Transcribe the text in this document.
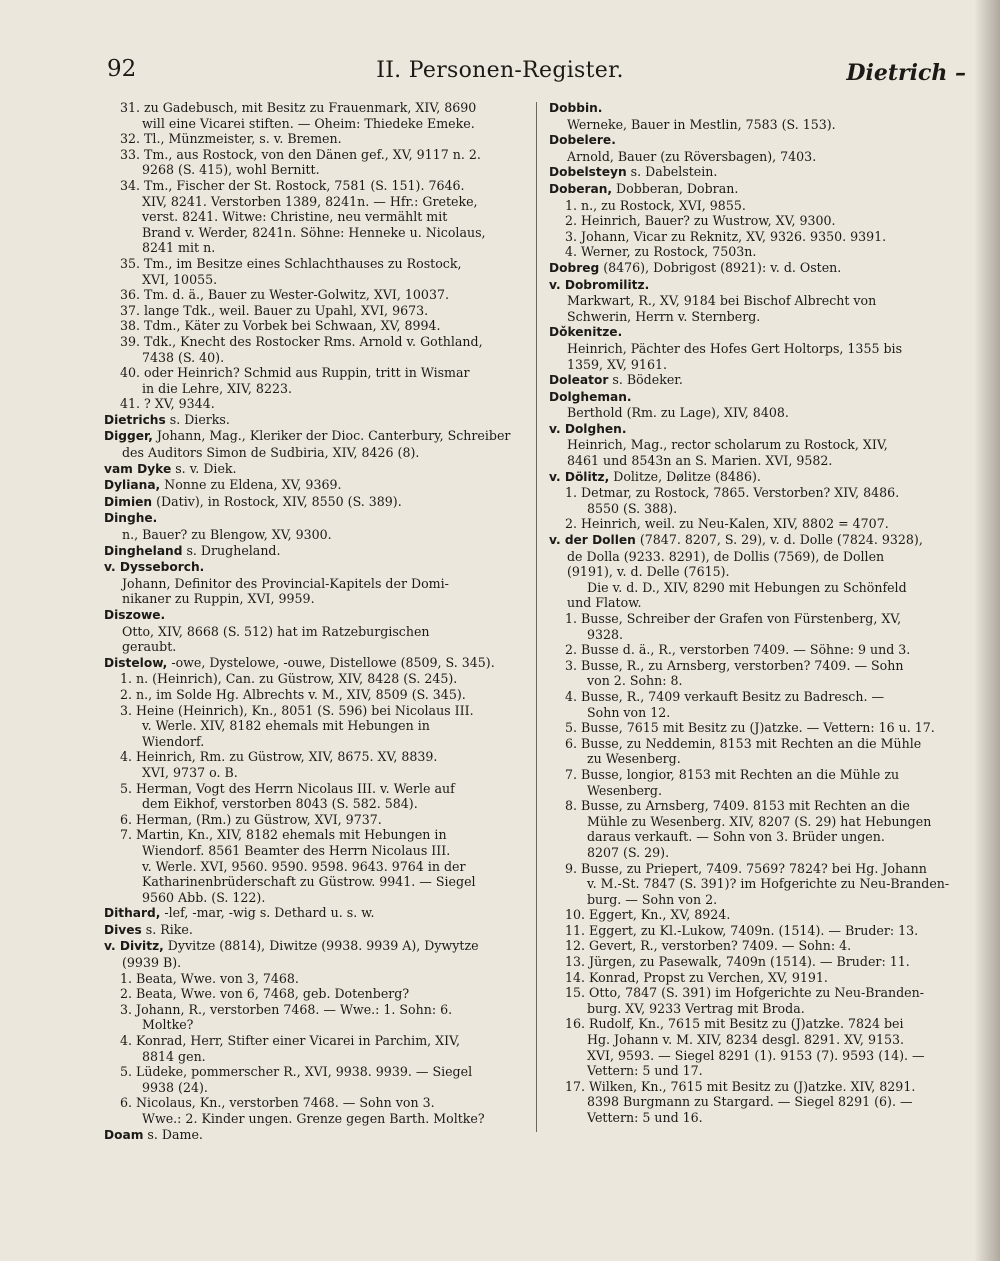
92	II. Personen-Register.	Dietrich –
31. zu Gadebusch, mit Besitz zu Frauenmark, XIV, 8690
will eine Vicarei stiften. — Oheim: Thiedeke Emeke.
32. Tl., Münzmeister, s. v. Bremen.
33. Tm., aus Rostock, von den Dänen gef., XV, 9117 n. 2.
9268 (S. 415), wohl Bernitt.
34. Tm., Fischer der St. Rostock, 7581 (S. 151). 7646.
XIV, 8241. Verstorben 1389, 8241n. — Hfr.: Greteke,
verst. 8241. Witwe: Christine, neu vermählt mit
Brand v. Werder, 8241n. Söhne: Henneke u. Nicolaus,
8241 mit n.
35. Tm., im Besitze eines Schlachthauses zu Rostock,
XVI, 10055.
36. Tm. d. ä., Bauer zu Wester-Golwitz, XVI, 10037.
37. lange Tdk., weil. Bauer zu Upahl, XVI, 9673.
38. Tdm., Käter zu Vorbek bei Schwaan, XV, 8994.
39. Tdk., Knecht des Rostocker Rms. Arnold v. Gothland,
7438 (S. 40).
40. oder Heinrich? Schmid aus Ruppin, tritt in Wismar
in die Lehre, XIV, 8223.
41. ? XV, 9344.
Dietrichs s. Dierks.
Digger, Johann, Mag., Kleriker der Dioc. Canterbury, Schreiber
des Auditors Simon de Sudbiria, XIV, 8426 (8).
vam Dyke s. v. Diek.
Dyliana, Nonne zu Eldena, XV, 9369.
Dimien (Dativ), in Rostock, XIV, 8550 (S. 389).
Dinghe.
n., Bauer? zu Blengow, XV, 9300.
Dingheland s. Drugheland.
v. Dysseborch.
Johann, Definitor des Provincial-Kapitels der Domi-
nikaner zu Ruppin, XVI, 9959.
Diszowe.
Otto, XIV, 8668 (S. 512) hat im Ratzeburgischen
geraubt.
Distelow, -owe, Dystelowe, -ouwe, Distellowe (8509, S. 345).
1. n. (Heinrich), Can. zu Güstrow, XIV, 8428 (S. 245).
2. n., im Solde Hg. Albrechts v. M., XIV, 8509 (S. 345).
3. Heine (Heinrich), Kn., 8051 (S. 596) bei Nicolaus III.
v. Werle. XIV, 8182 ehemals mit Hebungen in
Wiendorf.
4. Heinrich, Rm. zu Güstrow, XIV, 8675. XV, 8839.
XVI, 9737 o. B.
5. Herman, Vogt des Herrn Nicolaus III. v. Werle auf
dem Eikhof, verstorben 8043 (S. 582. 584).
6. Herman, (Rm.) zu Güstrow, XVI, 9737.
7. Martin, Kn., XIV, 8182 ehemals mit Hebungen in
Wiendorf. 8561 Beamter des Herrn Nicolaus III.
v. Werle. XVI, 9560. 9590. 9598. 9643. 9764 in der
Katharinenbrüderschaft zu Güstrow. 9941. — Siegel
9560 Abb. (S. 122).
Dithard, -lef, -mar, -wig s. Dethard u. s. w.
Dives s. Rike.
v. Divitz, Dyvitze (8814), Diwitze (9938. 9939 A), Dywytze
(9939 B).
1. Beata, Wwe. von 3, 7468.
2. Beata, Wwe. von 6, 7468, geb. Dotenberg?
3. Johann, R., verstorben 7468. — Wwe.: 1. Sohn: 6.
Moltke?
4. Konrad, Herr, Stifter einer Vicarei in Parchim, XIV,
8814 gen.
5. Lüdeke, pommerscher R., XVI, 9938. 9939. — Siegel
9938 (24).
6. Nicolaus, Kn., verstorben 7468. — Sohn von 3.
Wwe.: 2. Kinder ungen. Grenze gegen Barth. Moltke?
Doam s. Dame.
Dobbin.
Werneke, Bauer in Mestlin, 7583 (S. 153).
Dobelere.
Arnold, Bauer (zu Röversbagen), 7403.
Dobelsteyn s. Dabelstein.
Doberan, Dobberan, Dobran.
1. n., zu Rostock, XVI, 9855.
2. Heinrich, Bauer? zu Wustrow, XV, 9300.
3. Johann, Vicar zu Reknitz, XV, 9326. 9350. 9391.
4. Werner, zu Rostock, 7503n.
Dobreg (8476), Dobrigost (8921): v. d. Osten.
v. Dobromilitz.
Markwart, R., XV, 9184 bei Bischof Albrecht von
Schwerin, Herrn v. Sternberg.
Dǒkenitze.
Heinrich, Pächter des Hofes Gert Holtorps, 1355 bis
1359, XV, 9161.
Doleator s. Bödeker.
Dolgheman.
Berthold (Rm. zu Lage), XIV, 8408.
v. Dolghen.
Heinrich, Mag., rector scholarum zu Rostock, XIV,
8461 und 8543n an S. Marien. XVI, 9582.
v. Dölitz, Dolitze, Dølitze (8486).
1. Detmar, zu Rostock, 7865. Verstorben? XIV, 8486.
8550 (S. 388).
2. Heinrich, weil. zu Neu-Kalen, XIV, 8802 = 4707.
v. der Dollen (7847. 8207, S. 29), v. d. Dolle (7824. 9328),
de Dolla (9233. 8291), de Dollis (7569), de Dollen
(9191), v. d. Delle (7615).
Die v. d. D., XIV, 8290 mit Hebungen zu Schönfeld
und Flatow.
1. Busse, Schreiber der Grafen von Fürstenberg, XV,
9328.
2. Busse d. ä., R., verstorben 7409. — Söhne: 9 und 3.
3. Busse, R., zu Arnsberg, verstorben? 7409. — Sohn
von 2. Sohn: 8.
4. Busse, R., 7409 verkauft Besitz zu Badresch. —
Sohn von 12.
5. Busse, 7615 mit Besitz zu (J)atzke. — Vettern: 16 u. 17.
6. Busse, zu Neddemin, 8153 mit Rechten an die Mühle
zu Wesenberg.
7. Busse, longior, 8153 mit Rechten an die Mühle zu
Wesenberg.
8. Busse, zu Arnsberg, 7409. 8153 mit Rechten an die
Mühle zu Wesenberg. XIV, 8207 (S. 29) hat Hebungen
daraus verkauft. — Sohn von 3. Brüder ungen.
8207 (S. 29).
9. Busse, zu Priepert, 7409. 7569? 7824? bei Hg. Johann
v. M.-St. 7847 (S. 391)? im Hofgerichte zu Neu-Branden-
burg. — Sohn von 2.
10. Eggert, Kn., XV, 8924.
11. Eggert, zu Kl.-Lukow, 7409n. (1514). — Bruder: 13.
12. Gevert, R., verstorben? 7409. — Sohn: 4.
13. Jürgen, zu Pasewalk, 7409n (1514). — Bruder: 11.
14. Konrad, Propst zu Verchen, XV, 9191.
15. Otto, 7847 (S. 391) im Hofgerichte zu Neu-Branden-
burg. XV, 9233 Vertrag mit Broda.
16. Rudolf, Kn., 7615 mit Besitz zu (J)atzke. 7824 bei
Hg. Johann v. M. XIV, 8234 desgl. 8291. XV, 9153.
XVI, 9593. — Siegel 8291 (1). 9153 (7). 9593 (14). —
Vettern: 5 und 17.
17. Wilken, Kn., 7615 mit Besitz zu (J)atzke. XIV, 8291.
8398 Burgmann zu Stargard. — Siegel 8291 (6). —
Vettern: 5 und 16.
